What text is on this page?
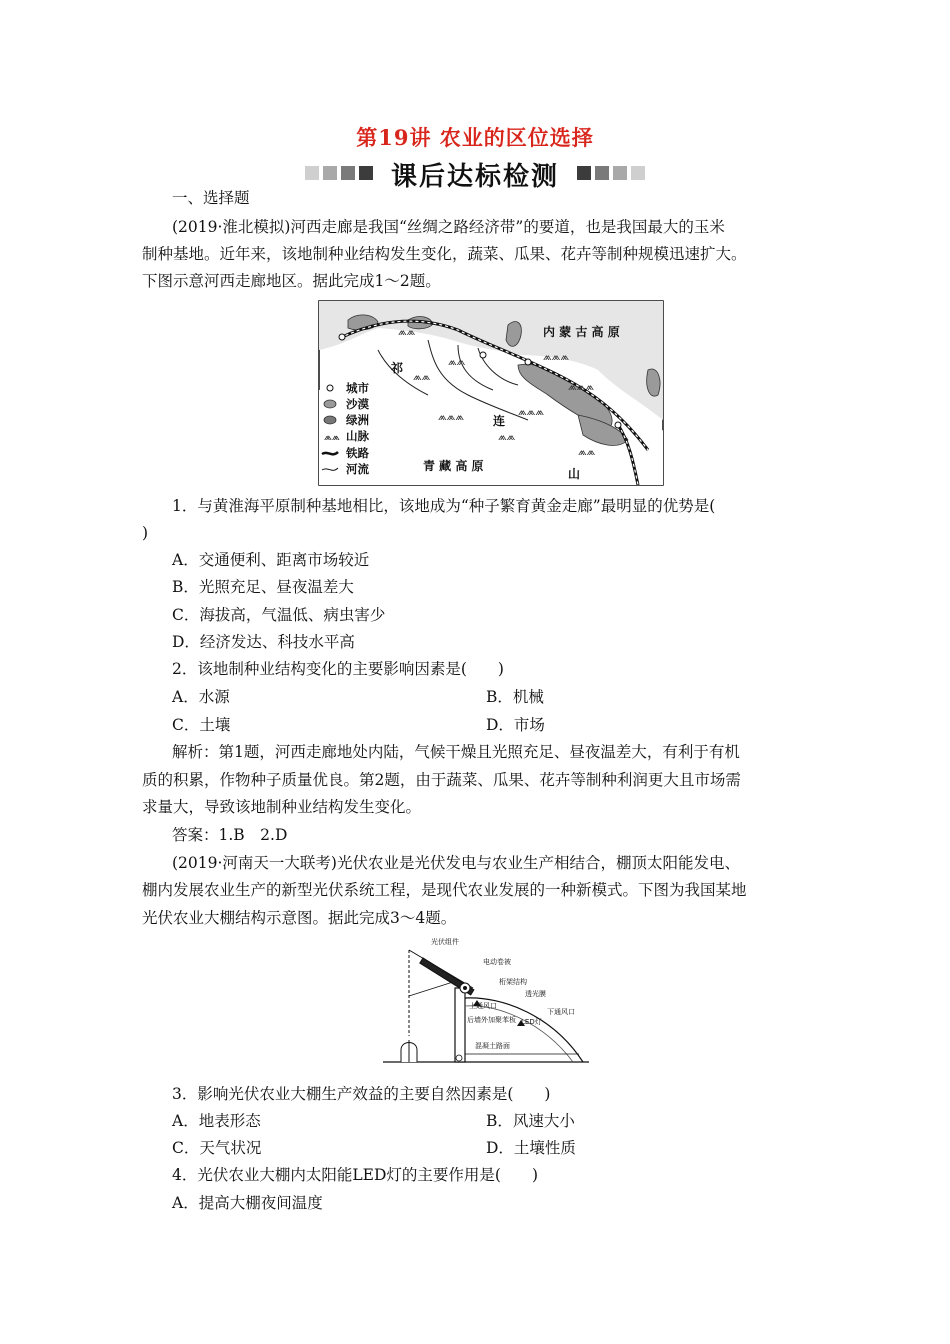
第19讲 农业的区位选择
课后达标检测
一、选择题
(2019·淮北模拟)河西走廊是我国“丝绸之路经济带”的要道，也是我国最大的玉米
制种基地。近年来，该地制种业结构发生变化，蔬菜、瓜果、花卉等制种规模迅速扩大。
下图示意河西走廊地区。据此完成1～2题。
⩕⩕
⩕⩕
⩕⩕
⩕⩕⩕
⩕⩕⩕
⩕⩕⩕
⩕⩕⩕
⩕⩕
⩕⩕
内 蒙 古 高 原
青 藏 高 原
祁
连
山
城市
沙漠
绿洲
⩕⩕ 山脉
铁路
河流
1．与黄淮海平原制种基地相比，该地成为“种子繁育黄金走廊”最明显的优势是(
)
A．交通便利、距离市场较近
B．光照充足、昼夜温差大
C．海拔高，气温低、病虫害少
D．经济发达、科技水平高
2．该地制种业结构变化的主要影响因素是(　　)
A．水源	B．机械
C．土壤	D．市场
解析：第1题，河西走廊地处内陆，气候干燥且光照充足、昼夜温差大，有利于有机
质的积累，作物种子质量优良。第2题，由于蔬菜、瓜果、花卉等制种利润更大且市场需
求量大，导致该地制种业结构发生变化。
答案：1.B　2.D
(2019·河南天一大联考)光伏农业是光伏发电与农业生产相结合，棚顶太阳能发电、
棚内发展农业生产的新型光伏系统工程，是现代农业发展的一种新模式。下图为我国某地
光伏农业大棚结构示意图。据此完成3～4题。
光伏组件
电动卷被
桁架结构
透光膜
上通风口
下通风口
后墙外加聚苯板 LED灯
混凝土路面
3．影响光伏农业大棚生产效益的主要自然因素是(　　)
A．地表形态	B．风速大小
C．天气状况	D．土壤性质
4．光伏农业大棚内太阳能LED灯的主要作用是(　　)
A．提高大棚夜间温度
